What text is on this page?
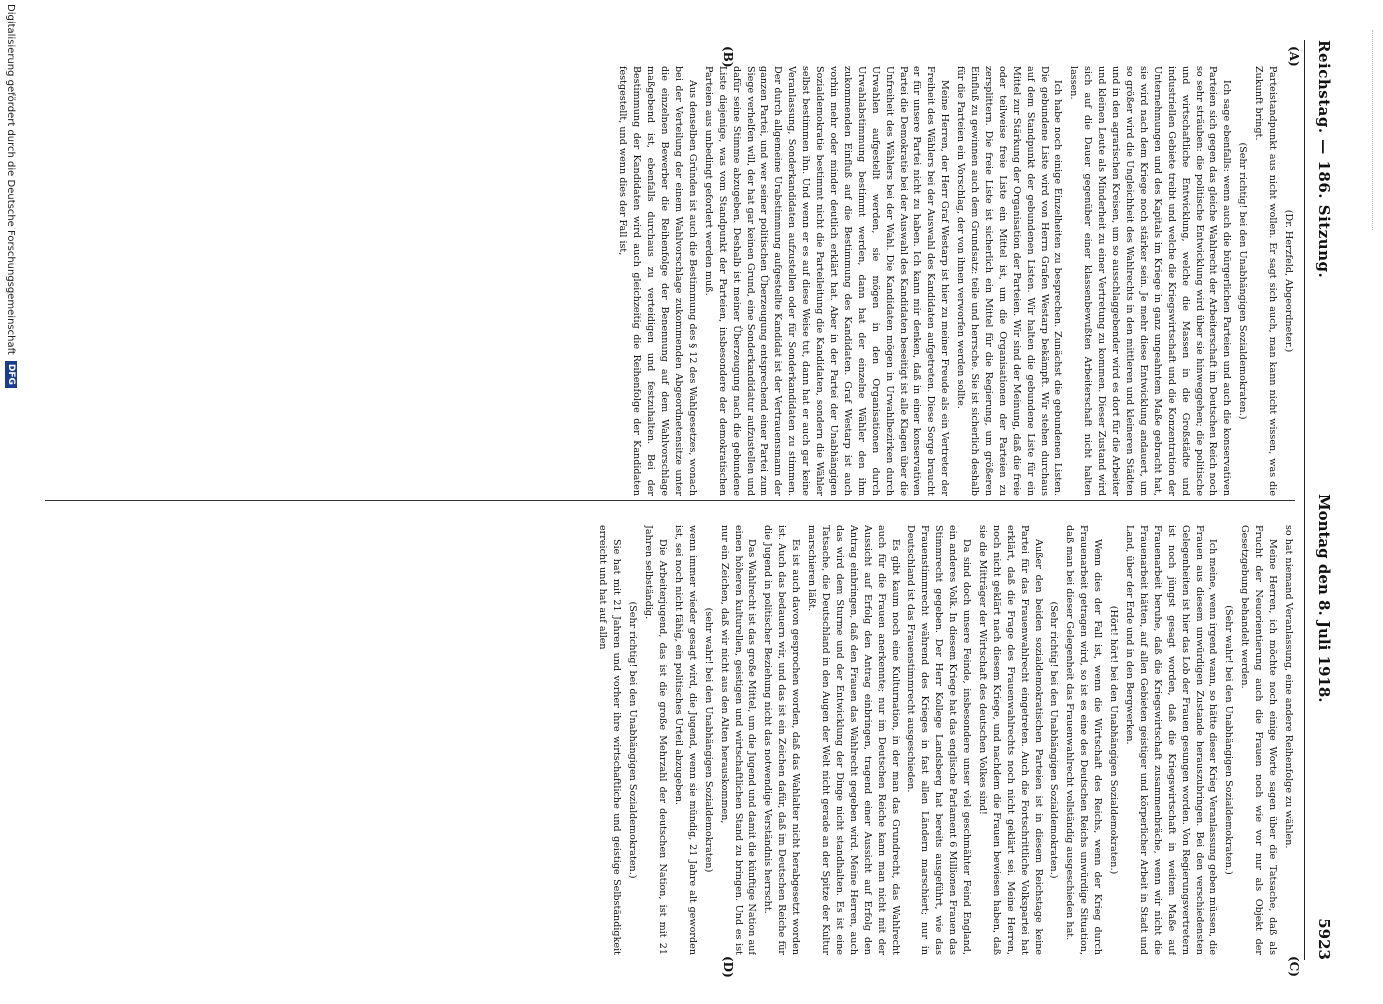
Reichstag. — 186. Sitzung.
Montag den 8. Juli 1918.
5923
(A)
(B)
(C)
(D)

(Dr. Herzfeld, Abgeordneter.)

Parteistandpunkt aus nicht wollen. Er sagt sich auch, man kann nicht wissen, was die Zukunft bringt.

(Sehr richtig! bei den Unabhängigen Sozialdemokraten.)

Ich sage ebenfalls: wenn auch die bürgerlichen Parteien und auch die konservativen Parteien sich gegen das gleiche Wahlrecht der Arbeiterschaft im Deutschen Reich noch so sehr sträuben: die politische Entwicklung wird über sie hinweggehen; die politische und wirtschaftliche Entwicklung, welche die Massen in die Großstädte und industriellen Gebiete treibt und welche die Kriegswirtschaft und die Konzentration der Unternehmungen und des Kapitals im Kriege in ganz ungeahntem Maße gebracht hat, sie wird nach dem Kriege noch stärker sein. Je mehr diese Entwicklung andauert, um so größer wird die Ungleichheit des Wahlrechts in den mittleren und kleineren Städten und in den agrarischen Kreisen, um so ausschlaggebender wird es dort für die Arbeiter und kleinen Leute als Minderheit zu einer Vertretung zu kommen. Dieser Zustand wird sich auf die Dauer gegenüber einer klassenbewußten Arbeiterschaft nicht halten lassen.

Ich habe noch einige Einzelheiten zu besprechen. Zunächst die gebundenen Listen. Die gebundene Liste wird von Herrn Grafen Westarp bekämpft. Wir stehen durchaus auf dem Standpunkt der gebundenen Listen. Wir halten die gebundene Liste für ein Mittel zur Stärkung der Organisation der Parteien. Wir sind der Meinung, daß die freie oder teilweise freie Liste ein Mittel ist, um die Organisationen der Parteien zu zersplittern. Die freie Liste ist sicherlich ein Mittel für die Regierung, um größeren Einfluß zu gewinnen auch dem Grundsatz: teile und herrsche. Sie ist sicherlich deshalb für die Parteien ein Vorschlag, der von ihnen verworfen werden sollte.

Meine Herren, der Herr Graf Westarp ist hier zu meiner Freude als ein Vertreter der Freiheit des Wählers bei der Auswahl des Kandidaten aufgetreten. Diese Sorge braucht er für unsere Partei nicht zu haben. Ich kann mir denken, daß in einer konservativen Partei die Demokratie bei der Auswahl des Kandidaten beseitigt ist alle Klagen über die Unfreiheit des Wählers bei der Wahl. Die Kandidaten mögen in Urwahlbezirken durch Urwahlen aufgestellt werden, sie mögen in den Organisationen durch Urwahlabstimmung bestimmt werden, dann hat der einzelne Wähler den ihm zukommenden Einfluß auf die Bestimmung des Kandidaten. Graf Westarp ist auch vorhin mehr oder minder deutlich erklärt hat. Aber in der Partei der Unabhängigen Sozialdemokratie bestimmt nicht die Parteileitung die Kandidaten, sondern die Wähler selbst bestimmen ihn. Und wenn er es auf diese Weise tut, dann hat er auch gar keine Veranlassung, Sonderkandidaten aufzustellen oder für Sonderkandidaten zu stimmen. Der durch allgemeine Urabstimmung aufgestellte Kandidat ist der Vertrauensmann der ganzen Partei, und wer seiner politischen Überzeugung entsprechend einer Partei zum Siege verhelfen will, der hat gar keinen Grund, eine Sonderkandidatur aufzustellen und dafür seine Stimme abzugeben. Deshalb ist meiner Überzeugung nach die gebundene Liste diejenige, was vom Standpunkt der Parteien, insbesondere der demokratischen Parteien aus unbedingt gefordert werden muß.

Aus denselben Gründen ist auch die Bestimmung des § 12 des Wahlgesetzes, wonach bei der Verteilung der einem Wahlvorschlage zukommenden Abgeordnetensitze unter die einzelnen Bewerber die Reihenfolge der Benennung auf dem Wahlvorschlage maßgebend ist, ebenfalls durchaus zu verteidigen und festzuhalten. Bei der Bestimmung der Kandidaten wird auch gleichzeitig die Reihenfolge der Kandidaten festgestellt, und wenn dies der Fall ist,

so hat niemand Veranlassung, eine andere Reihenfolge zu wählen.

Meine Herren, ich möchte noch einige Worte sagen über die Tatsache, daß als Frucht der Neuorientierung auch die Frauen noch wie vor nur als Objekt der Gesetzgebung behandelt werden.

(Sehr wahr! bei den Unabhängigen Sozialdemokraten.)

Ich meine, wenn irgend wann, so hätte dieser Krieg Veranlassung geben müssen, die Frauen aus diesem unwürdigen Zustande herauszubringen. Bei den verschiedensten Gelegenheiten ist hier das Lob der Frauen gesungen worden. Von Regierungsvertretern ist noch jüngst gesagt worden, daß die Kriegswirtschaft in weitem Maße auf Frauenarbeit beruhe, daß die Kriegswirtschaft zusammenbräche, wenn wir nicht die Frauenarbeit hätten, auf allen Gebieten geistiger und körperlicher Arbeit in Stadt und Land, über der Erde und in den Bergwerken.

(Hört! hört! bei den Unabhängigen Sozialdemokraten.)

Wenn dies der Fall ist, wenn die Wirtschaft des Reichs, wenn der Krieg durch Frauenarbeit getragen wird, so ist es eine des Deutschen Reichs unwürdige Situation, daß man bei dieser Gelegenheit das Frauenwahlrecht vollständig ausgeschieden hat.

(Sehr richtig! bei den Unabhängigen Sozialdemokraten.)

Außer den beiden sozialdemokratischen Parteien ist in diesem Reichstage keine Partei für das Frauenwahlrecht eingetreten. Auch die Fortschrittliche Volkspartei hat erklärt, daß die Frage des Frauenwahlrechts noch nicht geklärt sei. Meine Herren, noch nicht geklärt nach diesem Kriege, und nachdem die Frauen bewiesen haben, daß sie die Mitträger der Wirtschaft des deutschen Volkes sind!

Da sind doch unsere Feinde, insbesondere unser viel geschmähter Feind England, ein anderes Volk. In diesem Kriege hat das englische Parlament 6 Millionen Frauen das Stimmrecht gegeben. Der Herr Kollege Landsberg hat bereits ausgeführt, wie das Frauenstimmrecht während des Krieges in fast allen Ländern marschiert; nur in Deutschland ist das Frauenstimmrecht ausgeschieden.

Es gibt kaum noch eine Kulturnation, in der man das Grundrecht, das Wahlrecht auch für die Frauen anerkennte; nur im Deutschen Reiche kann man nicht mit der Aussicht auf Erfolg den Antrag einbringen, tragend einer Aussicht auf Erfolg den Antrag einbringen, daß den Frauen das Wahlrecht gegeben wird. Meine Herren, auch das wird dem Sturme und der Entwicklung der Dinge nicht standhalten. Es ist eine Tatsache, die Deutschland in den Augen der Welt nicht gerade an der Spitze der Kultur marschieren läßt.

Es ist auch davon gesprochen worden, daß das Wahlalter nicht herabgesetzt worden ist. Auch das bedauern wir, und das ist ein Zeichen dafür, daß im Deutschen Reiche für die Jugend in politischer Beziehung nicht das notwendige Verständnis herrscht.

Das Wahlrecht ist das große Mittel, um die Jugend und damit die künftige Nation auf einen höheren kulturellen, geistigen und wirtschaftlichen Stand zu bringen. Und es ist nur ein Zeichen, daß wir nicht aus den Alten herauskommen,

(sehr wahr! bei den Unabhängigen Sozialdemokraten)

wenn immer wieder gesagt wird, die Jugend, wenn sie mündig, 21 Jahre alt geworden ist, sei noch nicht fähig, ein politisches Urteil abzugeben.

Die Arbeiterjugend, das ist die große Mehrzahl der deutschen Nation, ist mit 21 Jahren selbständig.

(Sehr richtig! bei den Unabhängigen Sozialdemokraten.)

Sie hat mit 21 Jahren und vorher ihre wirtschaftliche und geistige Selbständigkeit erreicht und hat auf allen

Digitalisierung gefördert durch die Deutsche Forschungsgemeinschaft
DFG
